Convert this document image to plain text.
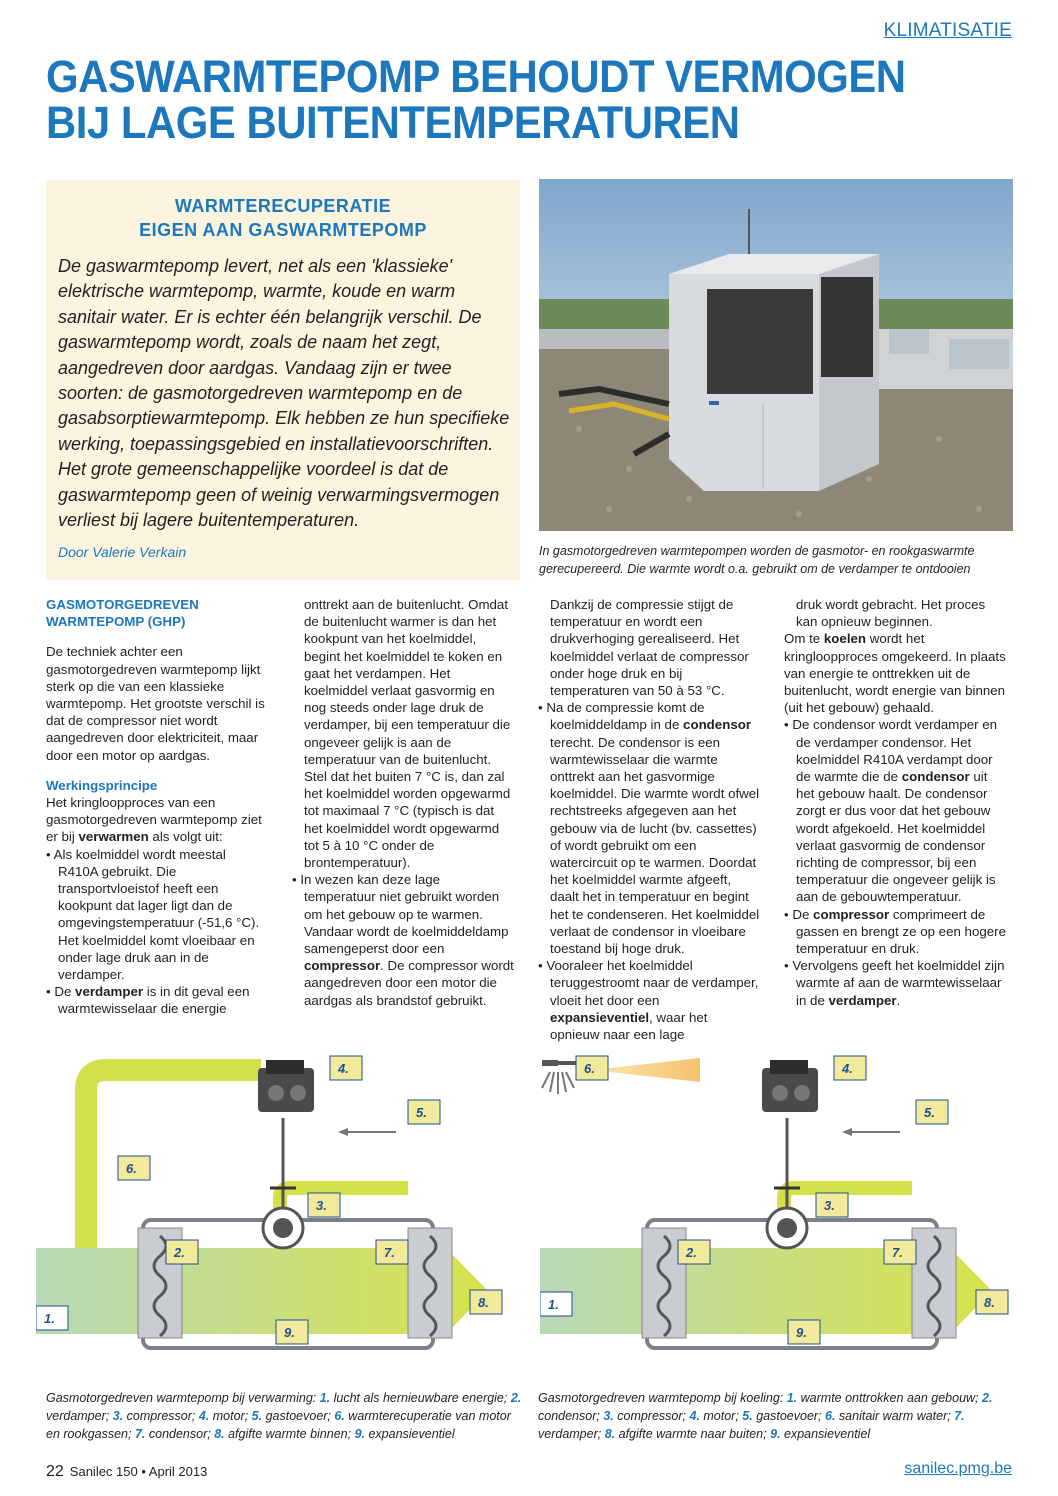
KLIMATISATIE
GASWARMTEPOMP BEHOUDT VERMOGEN
BIJ LAGE BUITENTEMPERATUREN
WARMTERECUPERATIE
EIGEN AAN GASWARMTEPOMP
De gaswarmtepomp levert, net als een 'klassieke' elektrische warmtepomp, warmte, koude en warm sanitair water. Er is echter één belangrijk verschil. De gaswarmtepomp wordt, zoals de naam het zegt, aangedreven door aardgas. Vandaag zijn er twee soorten: de gasmotorgedreven warmtepomp en de gasabsorptiewarmtepomp. Elk hebben ze hun specifieke werking, toepassingsgebied en installatievoorschriften. Het grote gemeenschappelijke voordeel is dat de gaswarmtepomp geen of weinig verwarmingsvermogen verliest bij lagere buitentemperaturen.
Door Valerie Verkain	In gasmotorgedreven warmtepompen worden de gasmotor- en rookgaswarmte gerecupereerd. Die warmte wordt o.a. gebruikt om de verdamper te ontdooien

GASMOTORGEDREVEN WARMTEPOMP (GHP)

De techniek achter een gasmotorgedreven warmtepomp lijkt sterk op die van een klassieke warmtepomp. Het grootste verschil is dat de compressor niet wordt aangedreven door elektriciteit, maar door een motor op aardgas.

Werkingsprincipe

Het kringloopproces van een gasmotorgedreven warmtepomp ziet er bij verwarmen als volgt uit:

• Als koelmiddel wordt meestal R410A gebruikt. Die transportvloeistof heeft een kookpunt dat lager ligt dan de omgevingstemperatuur (-51,6 °C). Het koelmiddel komt vloeibaar en onder lage druk aan in de verdamper.

• De verdamper is in dit geval een warmtewisselaar die energie

onttrekt aan de buitenlucht. Omdat de buitenlucht warmer is dan het kookpunt van het koelmiddel, begint het koelmiddel te koken en gaat het verdampen. Het koelmiddel verlaat gasvormig en nog steeds onder lage druk de verdamper, bij een temperatuur die ongeveer gelijk is aan de temperatuur van de buitenlucht. Stel dat het buiten 7 °C is, dan zal het koelmiddel worden opgewarmd tot maximaal 7 °C (typisch is dat het koelmiddel wordt opgewarmd tot 5 à 10 °C onder de brontemperatuur).

• In wezen kan deze lage temperatuur niet gebruikt worden om het gebouw op te warmen. Vandaar wordt de koelmiddeldamp samengeperst door een compressor. De compressor wordt aangedreven door een motor die aardgas als brandstof gebruikt.

Dankzij de compressie stijgt de temperatuur en wordt een drukverhoging gerealiseerd. Het koelmiddel verlaat de compressor onder hoge druk en bij temperaturen van 50 à 53 °C.

• Na de compressie komt de koelmiddeldamp in de condensor terecht. De condensor is een warmtewisselaar die warmte onttrekt aan het gasvormige koelmiddel. Die warmte wordt ofwel rechtstreeks afgegeven aan het gebouw via de lucht (bv. cassettes) of wordt gebruikt om een watercircuit op te warmen. Doordat het koelmiddel warmte afgeeft, daalt het in temperatuur en begint het te condenseren. Het koelmiddel verlaat de condensor in vloeibare toestand bij hoge druk.

• Vooraleer het koelmiddel teruggestroomt naar de verdamper, vloeit het door een expansieventiel, waar het opnieuw naar een lage

druk wordt gebracht. Het proces kan opnieuw beginnen.

Om te koelen wordt het kringloopproces omgekeerd. In plaats van energie te onttrekken uit de buitenlucht, wordt energie van binnen (uit het gebouw) gehaald.

• De condensor wordt verdamper en de verdamper condensor. Het koelmiddel R410A verdampt door de warmte die de condensor uit het gebouw haalt. De condensor zorgt er dus voor dat het gebouw wordt afgekoeld. Het koelmiddel verlaat gasvormig de condensor richting de compressor, bij een temperatuur die ongeveer gelijk is aan de gebouwtemperatuur.

• De compressor comprimeert de gassen en brengt ze op een hogere temperatuur en druk.

• Vervolgens geeft het koelmiddel zijn warmte af aan de warmtewisselaar in de verdamper.

1.
2.
3.
4.
5.
6.
7.
8.
9.
1.
2.
3.
4.
5.
6.
7.
8.
9.
Gasmotorgedreven warmtepomp bij verwarming: 1. lucht als hernieuwbare energie; 2. verdamper; 3. compressor; 4. motor; 5. gastoevoer; 6. warmterecuperatie van motor en rookgassen; 7. condensor; 8. afgifte warmte binnen; 9. expansieventiel
Gasmotorgedreven warmtepomp bij koeling: 1. warmte onttrokken aan gebouw; 2. condensor; 3. compressor; 4. motor; 5. gastoevoer; 6. sanitair warm water; 7. verdamper; 8. afgifte warmte naar buiten; 9. expansieventiel
22 Sanilec 150 • April 2013	sanilec.pmg.be
